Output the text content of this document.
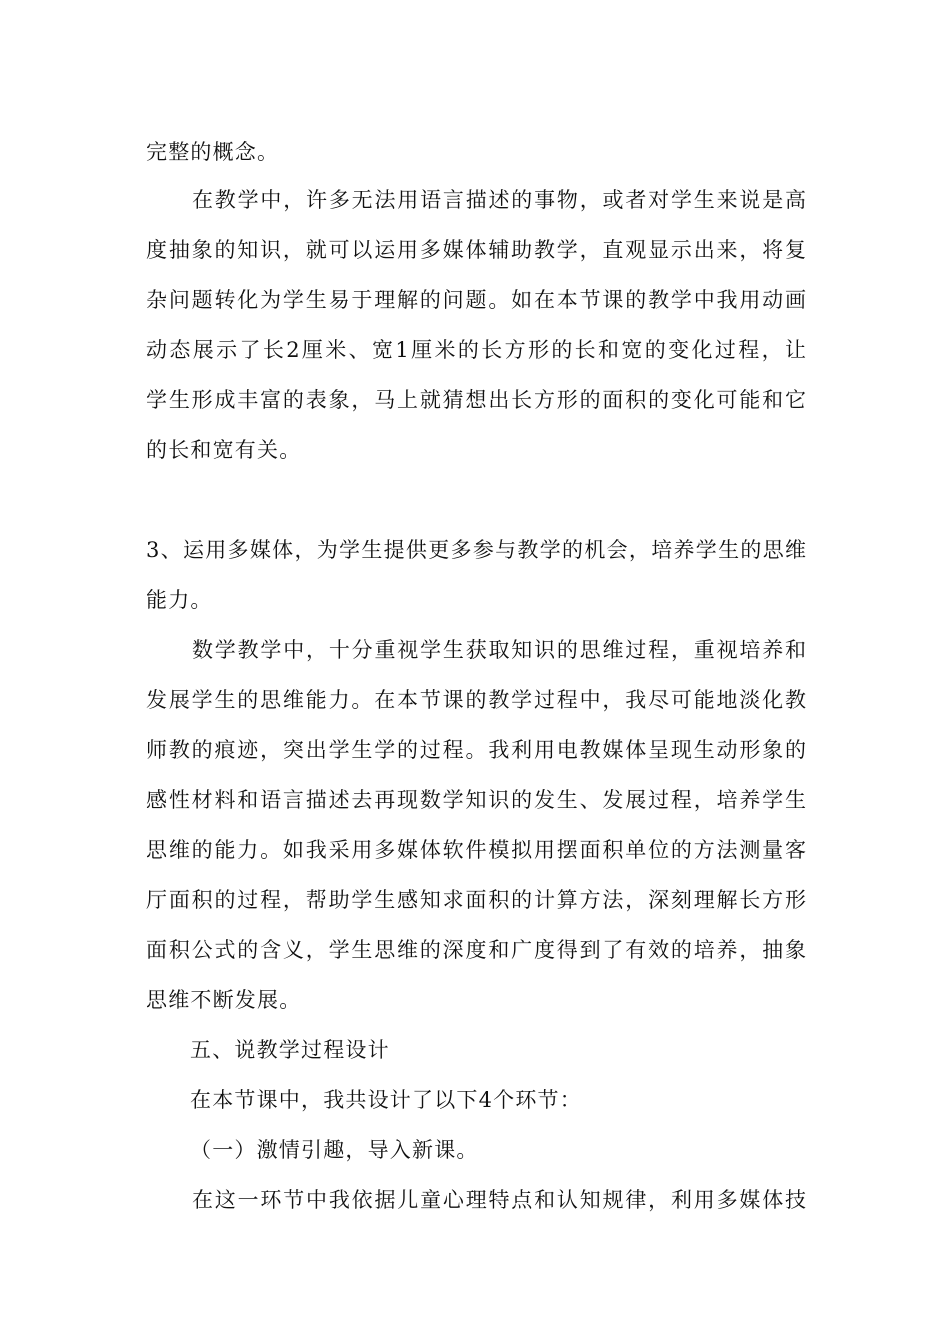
完整的概念。

在教学中，许多无法用语言描述的事物，或者对学生来说是高

度抽象的知识，就可以运用多媒体辅助教学，直观显示出来，将复

杂问题转化为学生易于理解的问题。如在本节课的教学中我用动画

动态展示了长2厘米、宽1厘米的长方形的长和宽的变化过程，让

学生形成丰富的表象，马上就猜想出长方形的面积的变化可能和它

的长和宽有关。

3、运用多媒体，为学生提供更多参与教学的机会，培养学生的思维

能力。

数学教学中，十分重视学生获取知识的思维过程，重视培养和

发展学生的思维能力。在本节课的教学过程中，我尽可能地淡化教

师教的痕迹，突出学生学的过程。我利用电教媒体呈现生动形象的

感性材料和语言描述去再现数学知识的发生、发展过程，培养学生

思维的能力。如我采用多媒体软件模拟用摆面积单位的方法测量客

厅面积的过程，帮助学生感知求面积的计算方法，深刻理解长方形

面积公式的含义，学生思维的深度和广度得到了有效的培养，抽象

思维不断发展。

五、说教学过程设计

在本节课中，我共设计了以下4个环节：

（一）激情引趣，导入新课。

在这一环节中我依据儿童心理特点和认知规律，利用多媒体技
